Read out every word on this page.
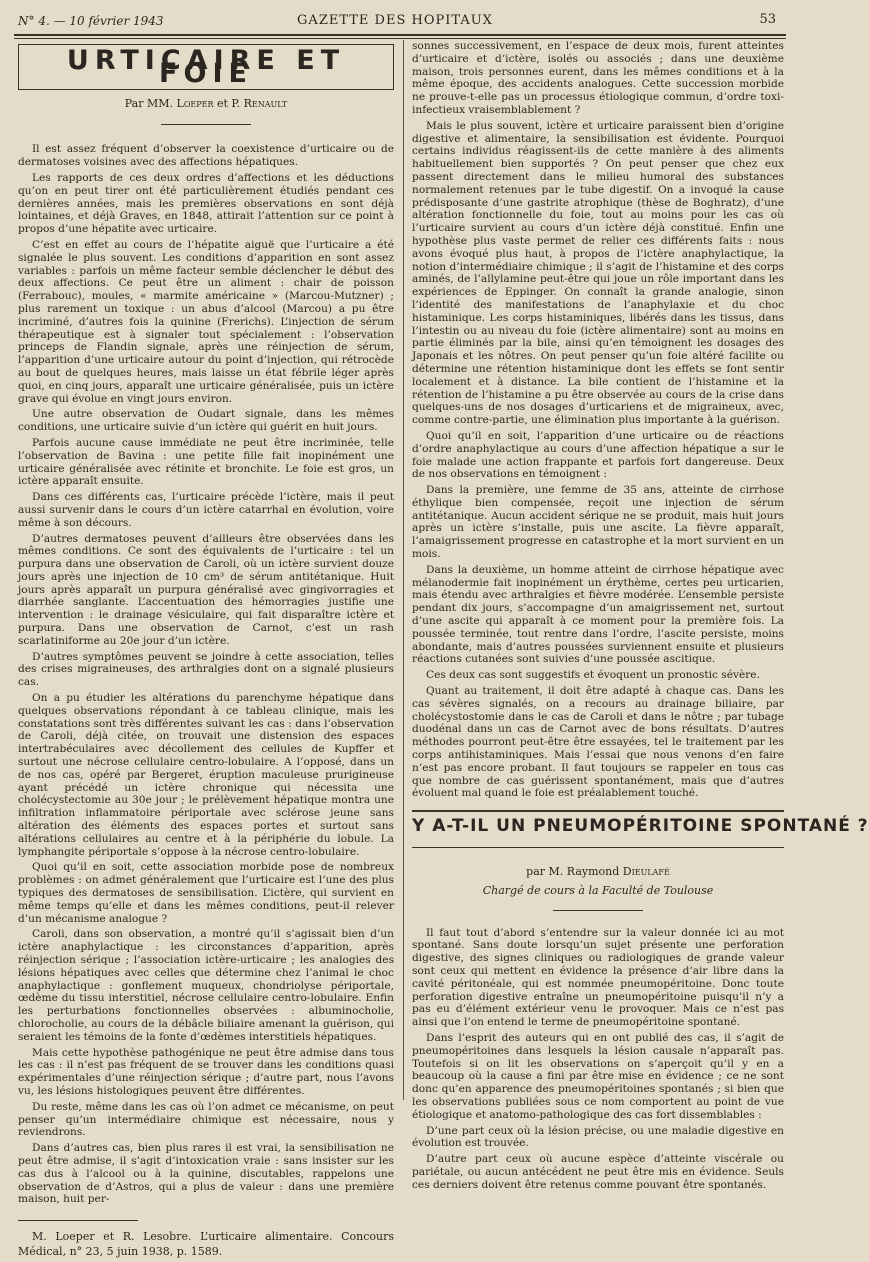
N° 4. — 10 février 1943	GAZETTE DES HOPITAUX	53
URTICAIRE ET FOIE
Par MM. Loeper et P. Renault

Il est assez fréquent d’observer la coexistence d’urticaire ou de dermatoses voisines avec des affections hépatiques.

Les rapports de ces deux ordres d’affections et les déductions qu’on en peut tirer ont été particulièrement étudiés pendant ces dernières années, mais les premières observations en sont déjà lointaines, et déjà Graves, en 1848, attirait l’attention sur ce point à propos d’une hépatite avec urticaire.

C’est en effet au cours de l’hépatite aiguë que l’urticaire a été signalée le plus souvent. Les conditions d’apparition en sont assez variables : parfois un même facteur semble déclencher le début des deux affections. Ce peut être un aliment : chair de poisson (Ferrabouc), moules, « marmite américaine » (Marcou-Mutzner) ; plus rarement un toxique : un abus d’alcool (Marcou) a pu être incriminé, d’autres fois la quinine (Frerichs). L’injection de sérum thérapeutique est à signaler tout spécialement : l’observation princeps de Flandin signale, après une réinjection de sérum, l’apparition d’une urticaire autour du point d’injection, qui rétrocède au bout de quelques heures, mais laisse un état fébrile léger après quoi, en cinq jours, apparaît une urticaire généralisée, puis un ictère grave qui évolue en vingt jours environ.

Une autre observation de Oudart signale, dans les mêmes conditions, une urticaire suivie d’un ictère qui guérit en huit jours.

Parfois aucune cause immédiate ne peut être incriminée, telle l’observation de Bavina : une petite fille fait inopinément une urticaire généralisée avec rétinite et bronchite. Le foie est gros, un ictère apparaît ensuite.

Dans ces différents cas, l’urticaire précède l’ictère, mais il peut aussi survenir dans le cours d’un ictère catarrhal en évolution, voire même à son décours.

D’autres dermatoses peuvent d’ailleurs être observées dans les mêmes conditions. Ce sont des équivalents de l’urticaire : tel un purpura dans une observation de Caroli, où un ictère survient douze jours après une injection de 10 cm³ de sérum antitétanique. Huit jours après apparaît un purpura généralisé avec gingivorragies et diarrhée sanglante. L’accentuation des hémorragies justifie une intervention : le drainage vésiculaire, qui fait disparaître ictère et purpura. Dans une observation de Carnot, c’est un rash scarlatiniforme au 20e jour d’un ictère.

D’autres symptômes peuvent se joindre à cette association, telles des crises migraineuses, des arthralgies dont on a signalé plusieurs cas.

On a pu étudier les altérations du parenchyme hépatique dans quelques observations répondant à ce tableau clinique, mais les constatations sont très différentes suivant les cas : dans l’observation de Caroli, déjà citée, on trouvait une distension des espaces intertrabéculaires avec décollement des cellules de Kupffer et surtout une nécrose cellulaire centro-lobulaire. A l’opposé, dans un de nos cas, opéré par Bergeret, éruption maculeuse prurigineuse ayant précédé un ictère chronique qui nécessita une cholécystectomie au 30e jour ; le prélèvement hépatique montra une infiltration inflammatoire périportale avec sclérose jeune sans altération des éléments des espaces portes et surtout sans altérations cellulaires au centre et à la périphérie du lobule. La lymphangite périportale s’oppose à la nécrose centro-lobulaire.

Quoi qu’il en soit, cette association morbide pose de nombreux problèmes : on admet généralement que l’urticaire est l’une des plus typiques des dermatoses de sensibilisation. L’ictère, qui survient en même temps qu’elle et dans les mêmes conditions, peut-il relever d’un mécanisme analogue ?

Caroli, dans son observation, a montré qu’il s’agissait bien d’un ictère anaphylactique : les circonstances d’apparition, après réinjection sérique ; l’association ictère-urticaire ; les analogies des lésions hépatiques avec celles que détermine chez l’animal le choc anaphylactique : gonflement muqueux, chondriolyse périportale, œdème du tissu interstitiel, nécrose cellulaire centro-lobulaire. Enfin les perturbations fonctionnelles observées : albuminocholie, chlorocholie, au cours de la débâcle biliaire amenant la guérison, qui seraient les témoins de la fonte d’œdèmes interstitiels hépatiques.

Mais cette hypothèse pathogénique ne peut être admise dans tous les cas : il n’est pas fréquent de se trouver dans les conditions quasi expérimentales d’une réinjection sérique ; d’autre part, nous l’avons vu, les lésions histologiques peuvent être différentes.

Du reste, même dans les cas où l’on admet ce mécanisme, on peut penser qu’un intermédiaire chimique est nécessaire, nous y reviendrons.

Dans d’autres cas, bien plus rares il est vrai, la sensibilisation ne peut être admise, il s’agit d’intoxication vraie : sans insister sur les cas dus à l’alcool ou à la quinine, discutables, rappelons une observation de d’Astros, qui a plus de valeur : dans une première maison, huit per-

M. Loeper et R. Lesobre. L’urticaire alimentaire. Concours Médical, n° 23, 5 juin 1938, p. 1589.

sonnes successivement, en l’espace de deux mois, furent atteintes d’urticaire et d’ictère, isolés ou associés ; dans une deuxième maison, trois personnes eurent, dans les mêmes conditions et à la même époque, des accidents analogues. Cette succession morbide ne prouve-t-elle pas un processus étiologique commun, d’ordre toxi-infectieux vraisemblablement ?

Mais le plus souvent, ictère et urticaire paraissent bien d’origine digestive et alimentaire, la sensibilisation est évidente. Pourquoi certains individus réagissent-ils de cette manière à des aliments habituellement bien supportés ? On peut penser que chez eux passent directement dans le milieu humoral des substances normalement retenues par le tube digestif. On a invoqué la cause prédisposante d’une gastrite atrophique (thèse de Boghratz), d’une altération fonctionnelle du foie, tout au moins pour les cas où l’urticaire survient au cours d’un ictère déjà constitué. Enfin une hypothèse plus vaste permet de relier ces différents faits : nous avons évoqué plus haut, à propos de l’ictère anaphylactique, la notion d’intermédiaire chimique ; il s’agit de l’histamine et des corps aminés, de l’allylamine peut-être qui joue un rôle important dans les expériences de Eppinger. On connaît la grande analogie, sinon l’identité des manifestations de l’anaphylaxie et du choc histaminique. Les corps histaminiques, libérés dans les tissus, dans l’intestin ou au niveau du foie (ictère alimentaire) sont au moins en partie éliminés par la bile, ainsi qu’en témoignent les dosages des Japonais et les nôtres. On peut penser qu’un foie altéré facilite ou détermine une rétention histaminique dont les effets se font sentir localement et à distance. La bile contient de l’histamine et la rétention de l’histamine a pu être observée au cours de la crise dans quelques-uns de nos dosages d’urticariens et de migraineux, avec, comme contre-partie, une élimination plus importante à la guérison.

Quoi qu’il en soit, l’apparition d’une urticaire ou de réactions d’ordre anaphylactique au cours d’une affection hépatique a sur le foie malade une action frappante et parfois fort dangereuse. Deux de nos observations en témoignent :

Dans la première, une femme de 35 ans, atteinte de cirrhose éthylique bien compensée, reçoit une injection de sérum antitétanique. Aucun accident sérique ne se produit, mais huit jours après un ictère s’installe, puis une ascite. La fièvre apparaît, l’amaigrissement progresse en catastrophe et la mort survient en un mois.

Dans la deuxième, un homme atteint de cirrhose hépatique avec mélanodermie fait inopinément un érythème, certes peu urticarien, mais étendu avec arthralgies et fièvre modérée. L’ensemble persiste pendant dix jours, s’accompagne d’un amaigrissement net, surtout d’une ascite qui apparaît à ce moment pour la première fois. La poussée terminée, tout rentre dans l’ordre, l’ascite persiste, moins abondante, mais d’autres poussées surviennent ensuite et plusieurs réactions cutanées sont suivies d’une poussée ascitique.

Ces deux cas sont suggestifs et évoquent un pronostic sévère.

Quant au traitement, il doit être adapté à chaque cas. Dans les cas sévères signalés, on a recours au drainage biliaire, par cholécystostomie dans le cas de Caroli et dans le nôtre ; par tubage duodénal dans un cas de Carnot avec de bons résultats. D’autres méthodes pourront peut-être être essayées, tel le traitement par les corps antihistaminiques. Mais l’essai que nous venons d’en faire n’est pas encore probant. Il faut toujours se rappeler en tous cas que nombre de cas guérissent spontanément, mais que d’autres évoluent mal quand le foie est préalablement touché.

Y A-T-IL UN PNEUMOPÉRITOINE SPONTANÉ ?
par M. Raymond Dieulafé
Chargé de cours à la Faculté de Toulouse

Il faut tout d’abord s’entendre sur la valeur donnée ici au mot spontané. Sans doute lorsqu’un sujet présente une perforation digestive, des signes cliniques ou radiologiques de grande valeur sont ceux qui mettent en évidence la présence d’air libre dans la cavité péritonéale, qui est nommée pneumopéritoine. Donc toute perforation digestive entraîne un pneumopéritoine puisqu’il n’y a pas eu d’élément extérieur venu le provoquer. Mais ce n’est pas ainsi que l’on entend le terme de pneumopéritoine spontané.

Dans l’esprit des auteurs qui en ont publié des cas, il s’agit de pneumopéritoines dans lesquels la lésion causale n’apparaît pas. Toutefois si on lit les observations on s’aperçoit qu’il y en a beaucoup où la cause a fini par être mise en évidence ; ce ne sont donc qu’en apparence des pneumopéritoines spontanés ; si bien que les observations publiées sous ce nom comportent au point de vue étiologique et anatomo-pathologique des cas fort dissemblables :

D’une part ceux où la lésion précise, ou une maladie digestive en évolution est trouvée.

D’autre part ceux où aucune espèce d’atteinte viscérale ou pariétale, ou aucun antécédent ne peut être mis en évidence. Seuls ces derniers doivent être retenus comme pouvant être spontanés.
